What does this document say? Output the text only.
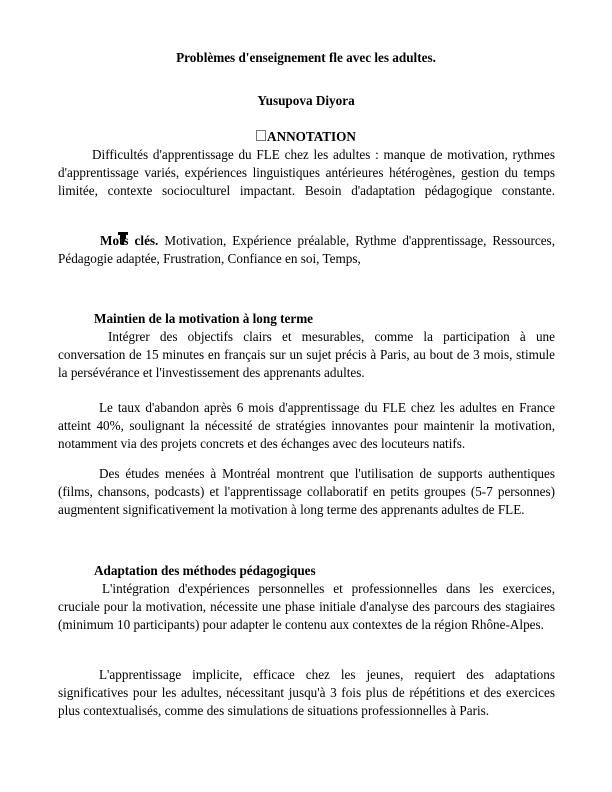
Problèmes d'enseignement fle avec les adultes.
Yusupova Diyora
ANNOTATION
Difficultés d'apprentissage du FLE chez les adultes : manque de motivation, rythmes d'apprentissage variés, expériences linguistiques antérieures hétérogènes, gestion du temps limitée, contexte socioculturel impactant. Besoin d'adaptation pédagogique constante.
Mots clés. Motivation, Expérience préalable, Rythme d'apprentissage, Ressources, Pédagogie adaptée, Frustration, Confiance en soi, Temps,
Maintien de la motivation à long terme
Intégrer des objectifs clairs et mesurables, comme la participation à une conversation de 15 minutes en français sur un sujet précis à Paris, au bout de 3 mois, stimule la persévérance et l'investissement des apprenants adultes.
Le taux d'abandon après 6 mois d'apprentissage du FLE chez les adultes en France atteint 40%, soulignant la nécessité de stratégies innovantes pour maintenir la motivation, notamment via des projets concrets et des échanges avec des locuteurs natifs.
Des études menées à Montréal montrent que l'utilisation de supports authentiques (films, chansons, podcasts) et l'apprentissage collaboratif en petits groupes (5-7 personnes) augmentent significativement la motivation à long terme des apprenants adultes de FLE.
Adaptation des méthodes pédagogiques
L'intégration d'expériences personnelles et professionnelles dans les exercices, cruciale pour la motivation, nécessite une phase initiale d'analyse des parcours des stagiaires (minimum 10 participants) pour adapter le contenu aux contextes de la région Rhône-Alpes.
L'apprentissage implicite, efficace chez les jeunes, requiert des adaptations significatives pour les adultes, nécessitant jusqu'à 3 fois plus de répétitions et des exercices plus contextualisés, comme des simulations de situations professionnelles à Paris.
